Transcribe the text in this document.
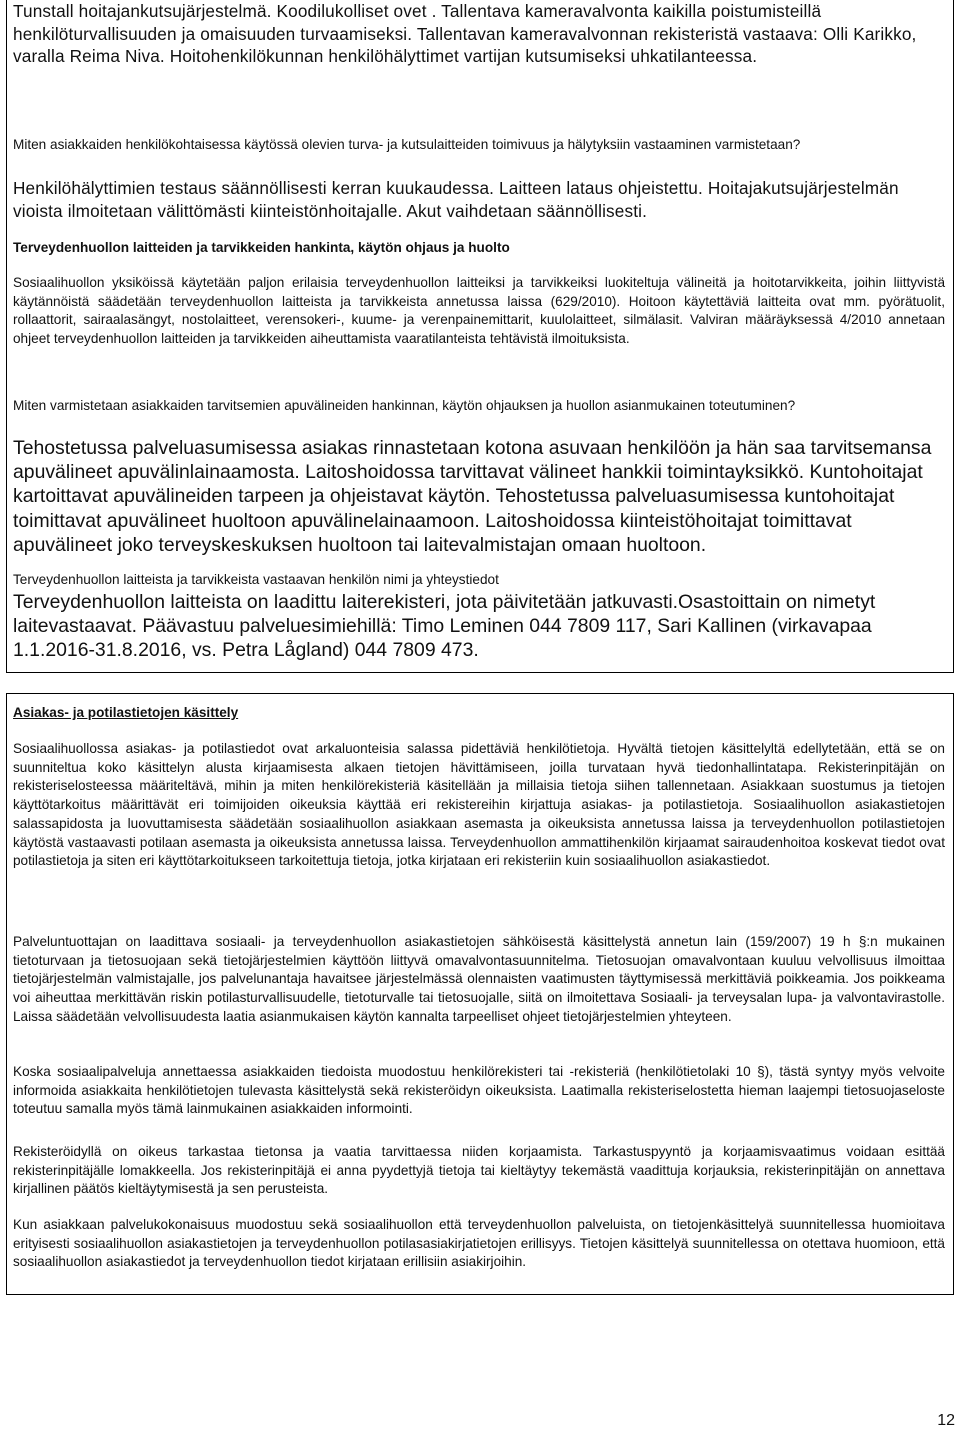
Tunstall hoitajankutsujärjestelmä. Koodilukolliset ovet . Tallentava kameravalvonta kaikilla poistumisteillä henkilöturvallisuuden ja omaisuuden turvaamiseksi. Tallentavan kameravalvonnan rekisteristä vastaava: Olli Karikko, varalla Reima Niva. Hoitohenkilökunnan henkilöhälyttimet vartijan kutsumiseksi uhkatilanteessa.

Miten asiakkaiden henkilökohtaisessa käytössä olevien turva- ja kutsulaitteiden toimivuus ja hälytyksiin vastaaminen varmistetaan?

Henkilöhälyttimien testaus säännöllisesti kerran kuukaudessa. Laitteen lataus ohjeistettu. Hoitajakutsujärjestelmän vioista ilmoitetaan välittömästi kiinteistönhoitajalle. Akut vaihdetaan säännöllisesti.

Terveydenhuollon laitteiden ja tarvikkeiden hankinta, käytön ohjaus ja huolto

Sosiaalihuollon yksiköissä käytetään paljon erilaisia terveydenhuollon laitteiksi ja tarvikkeiksi luokiteltuja välineitä ja hoitotarvikkeita, joihin liittyvistä käytännöistä säädetään terveydenhuollon laitteista ja tarvikkeista annetussa laissa (629/2010). Hoitoon käytettäviä laitteita ovat mm. pyörätuolit, rollaattorit, sairaalasängyt, nostolaitteet, verensokeri-, kuume- ja verenpainemittarit, kuulolaitteet, silmälasit. Valviran määräyksessä 4/2010 annetaan ohjeet terveydenhuollon laitteiden ja tarvikkeiden aiheuttamista vaaratilanteista tehtävistä ilmoituksista.

Miten varmistetaan asiakkaiden tarvitsemien apuvälineiden hankinnan, käytön ohjauksen ja huollon asianmukainen toteutuminen?

Tehostetussa palveluasumisessa asiakas rinnastetaan kotona asuvaan henkilöön ja hän saa tarvitsemansa apuvälineet apuvälinlainaamosta. Laitoshoidossa tarvittavat välineet hankkii toimintayksikkö. Kuntohoitajat kartoittavat apuvälineiden tarpeen ja ohjeistavat käytön. Tehostetussa palveluasumisessa kuntohoitajat toimittavat apuvälineet huoltoon apuvälinelainaamoon. Laitoshoidossa kiinteistöhoitajat toimittavat apuvälineet joko terveyskeskuksen huoltoon tai laitevalmistajan omaan huoltoon.

Terveydenhuollon laitteista ja tarvikkeista vastaavan henkilön nimi ja yhteystiedot

Terveydenhuollon laitteista on laadittu laiterekisteri, jota päivitetään jatkuvasti.Osastoittain on nimetyt laitevastaavat. Päävastuu palveluesimiehillä: Timo Leminen 044 7809 117, Sari Kallinen (virkavapaa 1.1.2016-31.8.2016, vs. Petra Lågland) 044 7809 473.

Asiakas- ja potilastietojen käsittely

Sosiaalihuollossa asiakas- ja potilastiedot ovat arkaluonteisia salassa pidettäviä henkilötietoja. Hyvältä tietojen käsittelyltä edellytetään, että se on suunniteltua koko käsittelyn alusta kirjaamisesta alkaen tietojen hävittämiseen, joilla turvataan hyvä tiedonhallintatapa. Rekisterinpitäjän on rekisteriselosteessa määriteltävä, mihin ja miten henkilörekisteriä käsitellään ja millaisia tietoja siihen tallennetaan. Asiakkaan suostumus ja tietojen käyttötarkoitus määrittävät eri toimijoiden oikeuksia käyttää eri rekistereihin kirjattuja asiakas- ja potilastietoja. Sosiaalihuollon asiakastietojen salassapidosta ja luovuttamisesta säädetään sosiaalihuollon asiakkaan asemasta ja oikeuksista annetussa laissa ja terveydenhuollon potilastietojen käytöstä vastaavasti potilaan asemasta ja oikeuksista annetussa laissa. Terveydenhuollon ammattihenkilön kirjaamat sairaudenhoitoa koskevat tiedot ovat potilastietoja ja siten eri käyttötarkoitukseen tarkoitettuja tietoja, jotka kirjataan eri rekisteriin kuin sosiaalihuollon asiakastiedot.

Palveluntuottajan on laadittava sosiaali- ja terveydenhuollon asiakastietojen sähköisestä käsittelystä annetun lain (159/2007) 19 h §:n mukainen tietoturvaan ja tietosuojaan sekä tietojärjestelmien käyttöön liittyvä omavalvontasuunnitelma. Tietosuojan omavalvontaan kuuluu velvollisuus ilmoittaa tietojärjestelmän valmistajalle, jos palvelunantaja havaitsee järjestelmässä olennaisten vaatimusten täyttymisessä merkittäviä poikkeamia. Jos poikkeama voi aiheuttaa merkittävän riskin potilasturvallisuudelle, tietoturvalle tai tietosuojalle, siitä on ilmoitettava Sosiaali- ja terveysalan lupa- ja valvontavirastolle. Laissa säädetään velvollisuudesta laatia asianmukaisen käytön kannalta tarpeelliset ohjeet tietojärjestelmien yhteyteen.

Koska sosiaalipalveluja annettaessa asiakkaiden tiedoista muodostuu henkilörekisteri tai -rekisteriä (henkilötietolaki 10 §), tästä syntyy myös velvoite informoida asiakkaita henkilötietojen tulevasta käsittelystä sekä rekisteröidyn oikeuksista. Laatimalla rekisteriselostetta hieman laajempi tietosuojaseloste toteutuu samalla myös tämä lainmukainen asiakkaiden informointi.

Rekisteröidyllä on oikeus tarkastaa tietonsa ja vaatia tarvittaessa niiden korjaamista. Tarkastuspyyntö ja korjaamisvaatimus voidaan esittää rekisterinpitäjälle lomakkeella. Jos rekisterinpitäjä ei anna pyydettyjä tietoja tai kieltäytyy tekemästä vaadittuja korjauksia, rekisterinpitäjän on annettava kirjallinen päätös kieltäytymisestä ja sen perusteista.

Kun asiakkaan palvelukokonaisuus muodostuu sekä sosiaalihuollon että terveydenhuollon palveluista, on tietojenkäsittelyä suunnitellessa huomioitava erityisesti sosiaalihuollon asiakastietojen ja terveydenhuollon potilasasiakirjatietojen erillisyys. Tietojen käsittelyä suunnitellessa on otettava huomioon, että sosiaalihuollon asiakastiedot ja terveydenhuollon tiedot kirjataan erillisiin asiakirjoihin.

12
